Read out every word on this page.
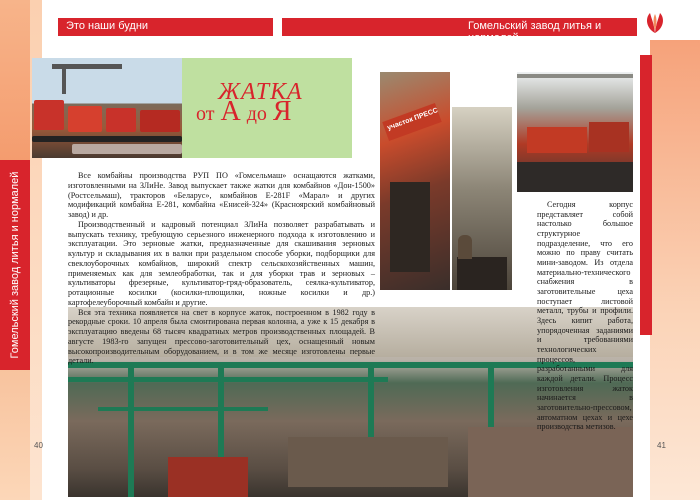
Гомельский завод литья и нормалей
Это наши будни	Гомельский завод литья и нормалей
ЖАТКА
от А до Я	участок ПРЕСС

Все комбайны производства РУП ПО «Гомсельмаш» оснащаются жатками, изготовленными на ЗЛиНе. Завод выпускает также жатки для комбайнов «Дон-1500» (Ростсельмаш), тракторов «Беларус», комбайнов Е-281F «Марал» и других модификаций комбайна Е-281, комбайна «Енисей-324» (Красноярский комбайновый завод) и др.

Производственный и кадровый потенциал ЗЛиНа позволяет разрабатывать и выпускать технику, требующую серьезного инженерного подхода к изготовлению и эксплуатации. Это зерновые жатки, предназначенные для скашивания зерновых культур и складывания их в валки при раздельном способе уборки, подборщики для свеклоуборочных комбайнов, широкий спектр сельскохозяйственных машин, применяемых как для землеобработки, так и для уборки трав и зерновых – культиваторы фрезерные, культиватор-гряд-образователь, сеялка-культиватор, ротационные косилки (косилки-плющилки, ножные косилки и др.) картофелеуборочный комбайн и другие.

Вся эта техника появляется на свет в корпусе жаток, построенном в 1982 году в рекордные сроки. 10 апреля была смонтирована первая колонна, а уже к 15 декабря в эксплуатацию введены 68 тысяч квадратных метров производственных площадей. В августе 1983-го запущен прессово-заготовительный цех, оснащенный новым высокопроизводительным оборудованием, и в том же месяце изготовлены первые детали.

Сегодня корпус представляет собой настолько большое структурное подразделение, что его можно по праву считать мини-заводом. Из отдела материально-технического снабжения в заготовительные цеха поступает листовой металл, трубы и профили. Здесь кипит работа, упорядоченная заданиями и требованиями технологических процессов, разработанными для каждой детали. Процесс изготовления жаток начинается в заготовительно-прессовом, автоматном цехах и цехе производства метизов.

40	41
